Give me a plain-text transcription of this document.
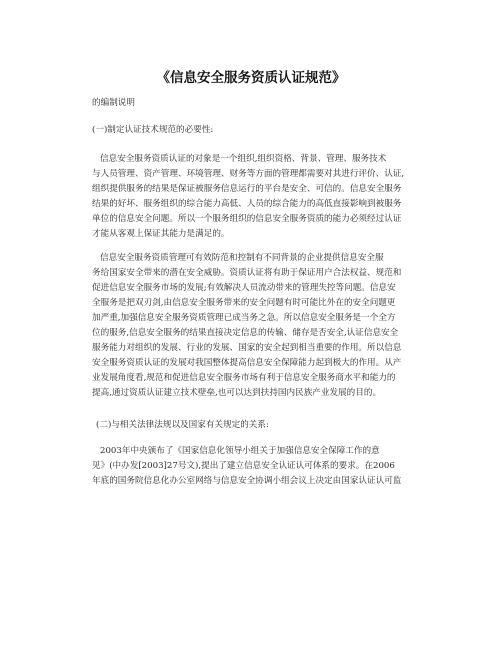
《信息安全服务资质认证规范》
的编制说明
(一)制定认证技术规范的必要性:
信息安全服务资质认证的对象是一个组织,组织资格、背景、管理、服务技术
与人员管理、资产管理、环境管理、财务等方面的管理都需要对其进行评价、认证,
组织提供服务的结果是保证被服务信息运行的平台是安全、可信的。信息安全服务
结果的好坏、服务组织的综合能力高低、人员的综合能力的高低直接影响到被服务
单位的信息安全问题。所以一个服务组织的信息安全服务资质的能力必须经过认证
才能从客观上保证其能力是满足的。
信息安全服务资质管理可有效防范和控制有不同背景的企业提供信息安全服
务给国家安全带来的潜在安全威胁。资质认证将有助于保证用户合法权益、规范和
促进信息安全服务市场的发展;有效解决人员流动带来的管理失控等问题。信息安
全服务是把双刃剑,由信息安全服务带来的安全问题有时可能比外在的安全问题更
加严重,加强信息安全服务资质管理已成当务之急。所以信息安全服务是一个全方
位的服务,信息安全服务的结果直接决定信息的传输、储存是否安全,认证信息安全
服务能力对组织的发展、行业的发展、国家的安全起到相当重要的作用。所以信息
安全服务资质认证的发展对我国整体提高信息安全保障能力起到极大的作用。从产
业发展角度看,规范和促进信息安全服务市场有利于信息安全服务商水平和能力的
提高,通过资质认证建立技术壁垒,也可以达到扶持国内民族产业发展的目的。
(二)与相关法律法规以及国家有关规定的关系:
2003年中央颁布了《国家信息化领导小组关于加强信息安全保障工作的意
见》(中办发[2003]27号文),提出了建立信息安全认证认可体系的要求。在2006
年底的国务院信息化办公室网络与信息安全协调小组会议上决定由国家认证认可监
